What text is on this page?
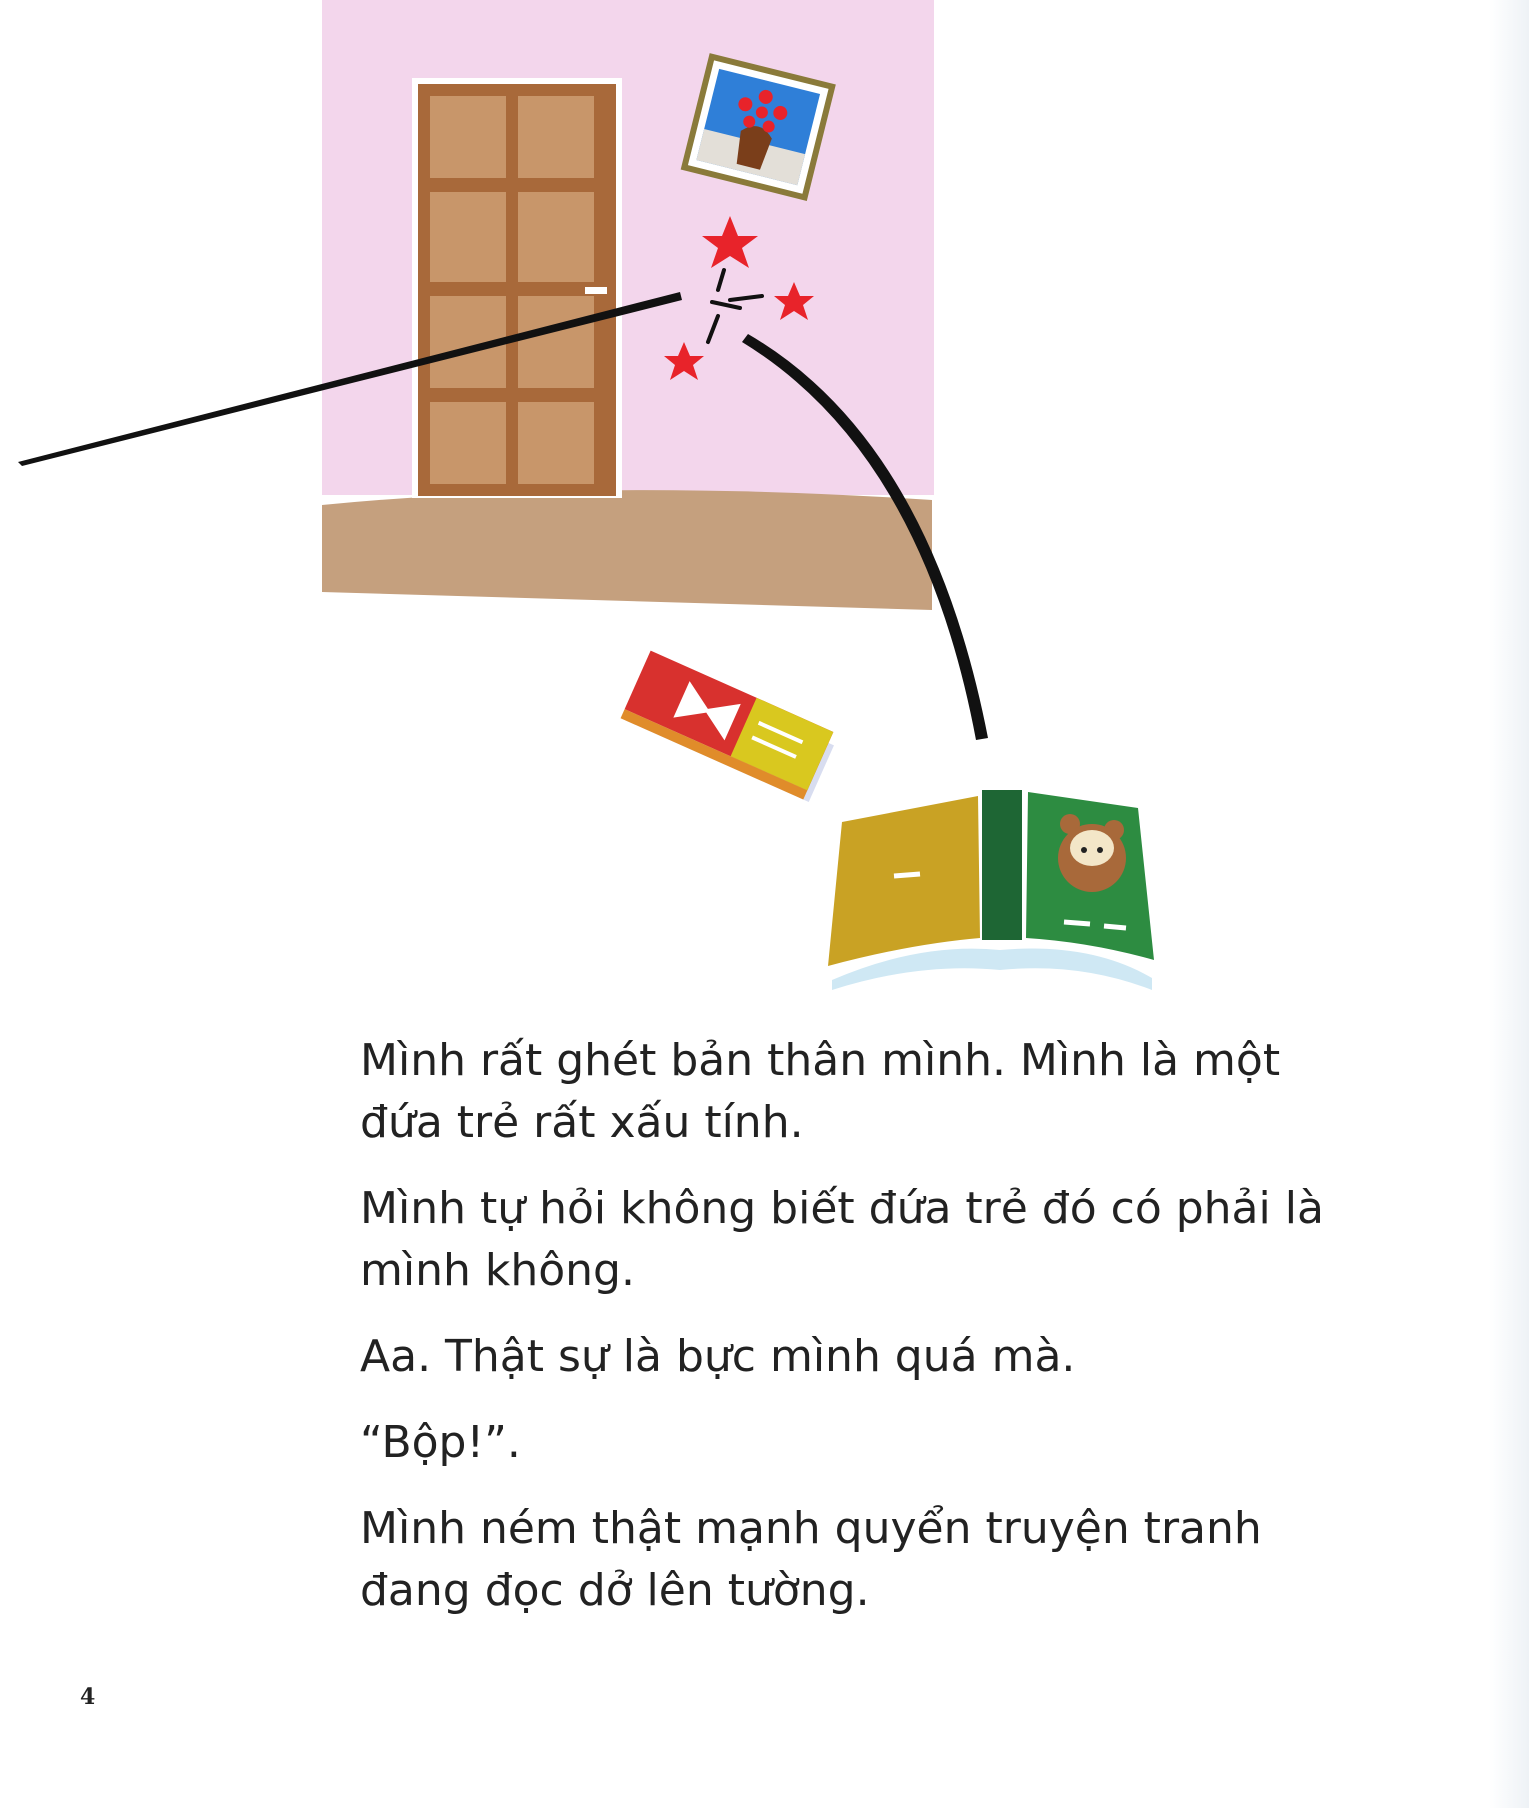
Mình rất ghét bản thân mình. Mình là một đứa trẻ rất xấu tính.

Mình tự hỏi không biết đứa trẻ đó có phải là mình không.

Aa. Thật sự là bực mình quá mà.

“Bộp!”.

Mình ném thật mạnh quyển truyện tranh đang đọc dở lên tường.

4
